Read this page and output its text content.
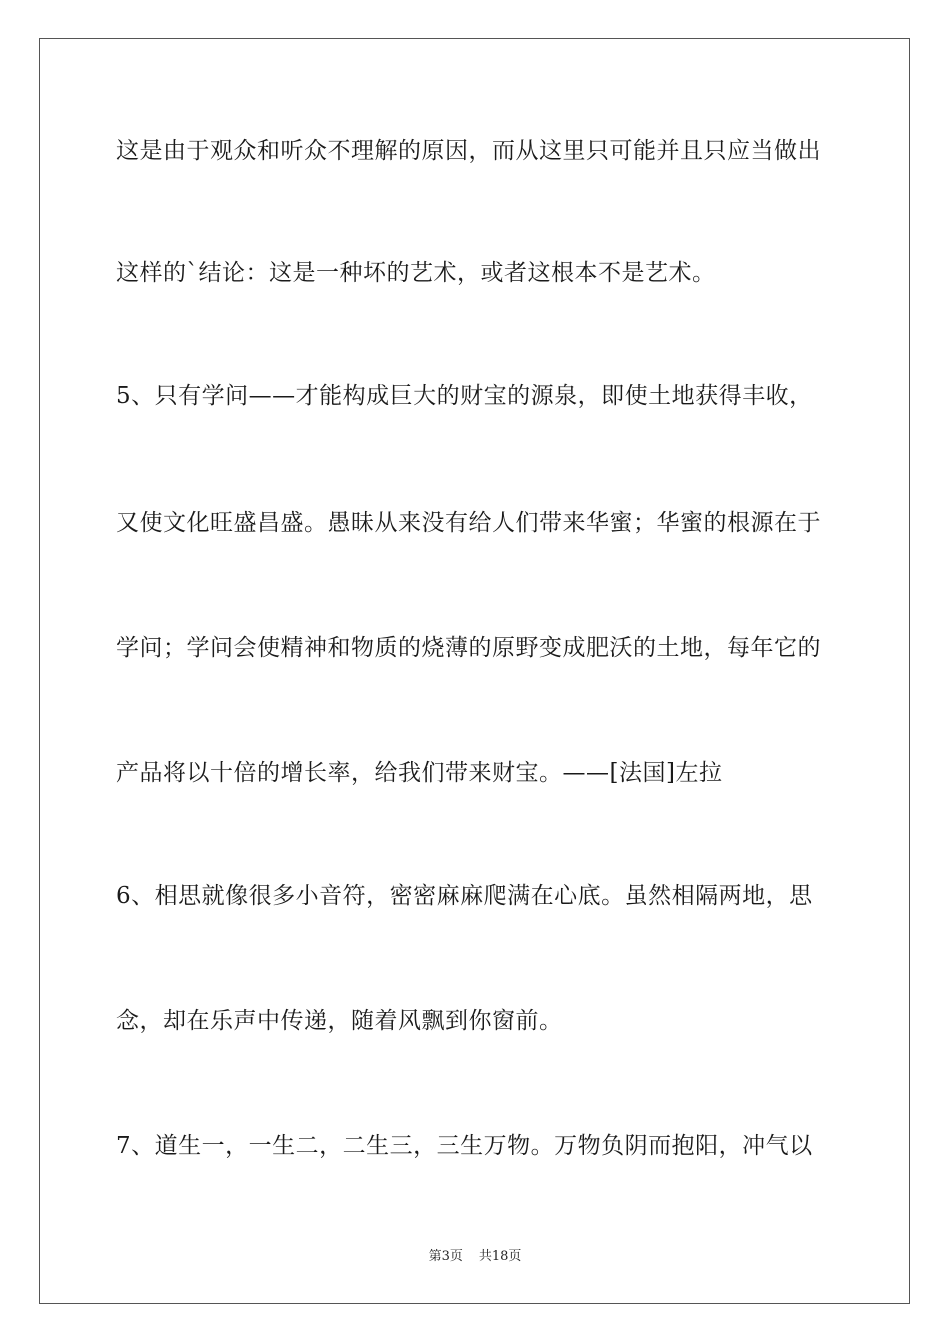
这是由于观众和听众不理解的原因，而从这里只可能并且只应当做出
这样的`结论：这是一种坏的艺术，或者这根本不是艺术。
5、只有学问——才能构成巨大的财宝的源泉，即使土地获得丰收，
又使文化旺盛昌盛。愚昧从来没有给人们带来华蜜；华蜜的根源在于
学问；学问会使精神和物质的烧薄的原野变成肥沃的土地，每年它的
产品将以十倍的增长率，给我们带来财宝。——[法国]左拉
6、相思就像很多小音符，密密麻麻爬满在心底。虽然相隔两地，思
念，却在乐声中传递，随着风飘到你窗前。
7、道生一，一生二，二生三，三生万物。万物负阴而抱阳，冲气以
第3页 共18页
